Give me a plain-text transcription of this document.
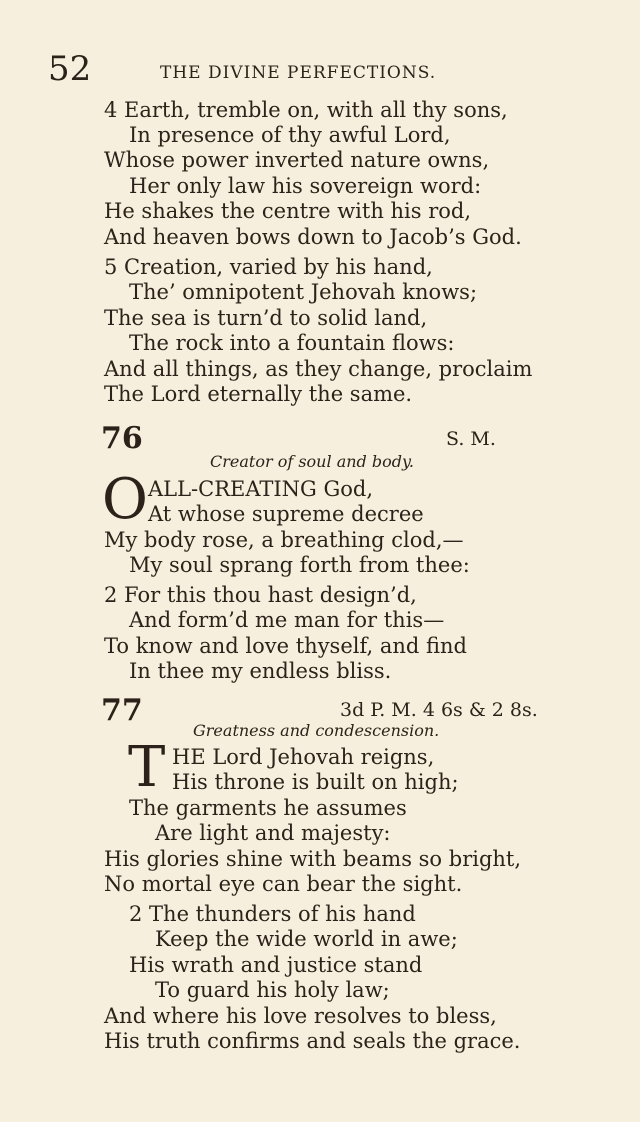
52	THE DIVINE PERFECTIONS.
4 Earth, tremble on, with all thy sons,
In presence of thy awful Lord,
Whose power inverted nature owns,
Her only law his sovereign word:
He shakes the centre with his rod,
And heaven bows down to Jacob’s God.
5 Creation, varied by his hand,
The’ omnipotent Jehovah knows;
The sea is turn’d to solid land,
The rock into a fountain flows:
And all things, as they change, proclaim
The Lord eternally the same.
76	S. M.
Creator of soul and body.
O ALL-CREATING God,
At whose supreme decree
My body rose, a breathing clod,—
My soul sprang forth from thee:
2 For this thou hast design’d,
And form’d me man for this—
To know and love thyself, and find
In thee my endless bliss.
77	3d P. M. 4 6s & 2 8s.
Greatness and condescension.
T HE Lord Jehovah reigns,
His throne is built on high;
The garments he assumes
Are light and majesty:
His glories shine with beams so bright,
No mortal eye can bear the sight.
2 The thunders of his hand
Keep the wide world in awe;
His wrath and justice stand
To guard his holy law;
And where his love resolves to bless,
His truth confirms and seals the grace.
